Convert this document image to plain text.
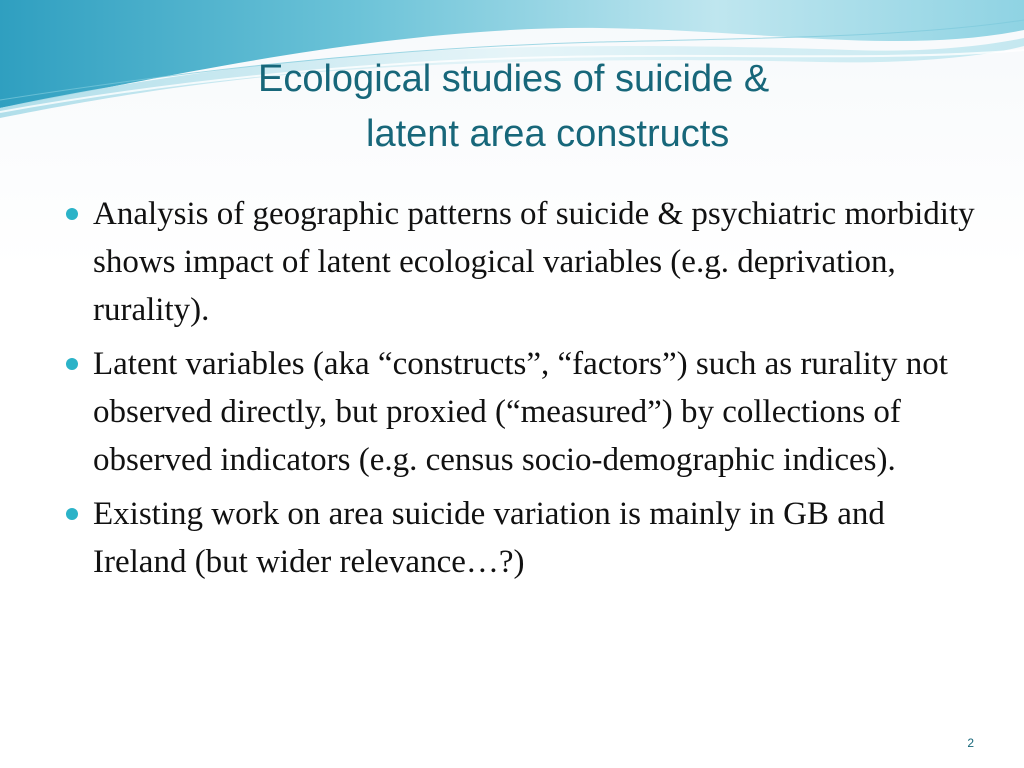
Ecological studies of suicide &
latent area constructs
Analysis of geographic patterns of suicide & psychiatric morbidity shows impact of latent ecological variables (e.g. deprivation, rurality).
Latent variables (aka “constructs”, “factors”) such as rurality not observed directly, but proxied (“measured”) by collections of observed indicators (e.g. census socio-demographic indices).
Existing work on area suicide variation is mainly in GB and Ireland (but wider relevance…?)
2
